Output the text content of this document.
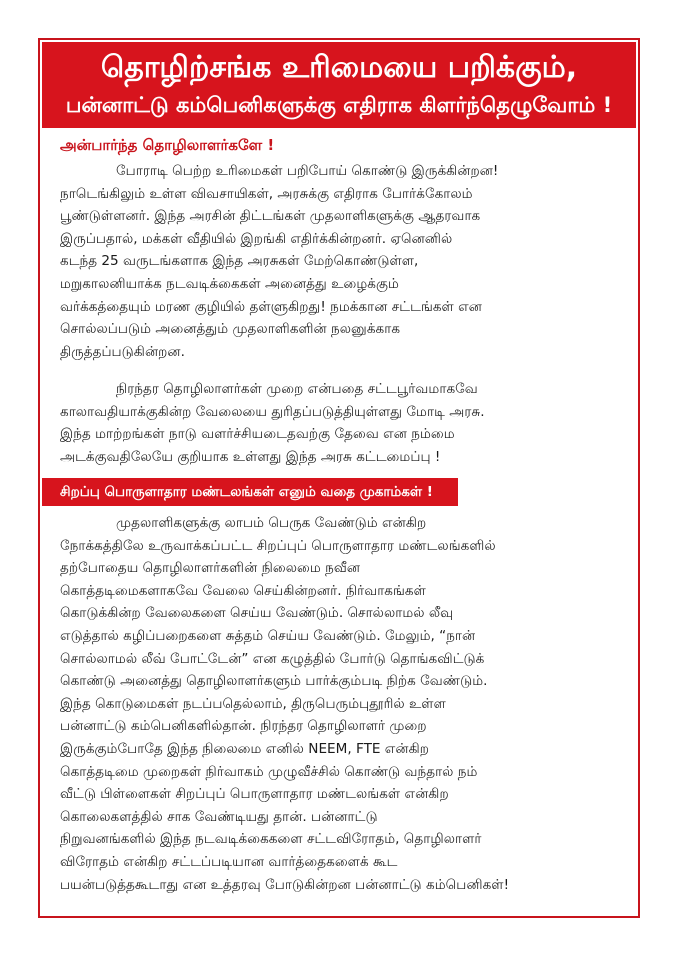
தொழிற்சங்க உரிமையை பறிக்கும்,
பன்னாட்டு கம்பெனிகளுக்கு எதிராக கிளர்ந்தெழுவோம் !
அன்பார்ந்த தொழிலாளர்களே !
போராடி பெற்ற உரிமைகள் பறிபோய் கொண்டு இருக்கின்றன!
நாடெங்கிலும் உள்ள விவசாயிகள், அரசுக்கு எதிராக போர்க்கோலம்
பூண்டுள்ளனர். இந்த அரசின் திட்டங்கள் முதலாளிகளுக்கு ஆதரவாக
இருப்பதால், மக்கள் வீதியில் இறங்கி எதிர்க்கின்றனர். ஏனெனில்
கடந்த 25 வருடங்களாக இந்த அரசுகள் மேற்கொண்டுள்ள,
மறுகாலனியாக்க நடவடிக்கைகள் அனைத்து உழைக்கும்
வர்க்கத்தையும் மரண குழியில் தள்ளுகிறது! நமக்கான சட்டங்கள் என
சொல்லப்படும் அனைத்தும் முதலாளிகளின் நலனுக்காக
திருத்தப்படுகின்றன.
நிரந்தர தொழிலாளர்கள் முறை என்பதை சட்டபூர்வமாகவே
காலாவதியாக்குகின்ற வேலையை துரிதப்படுத்தியுள்ளது மோடி அரசு.
இந்த மாற்றங்கள் நாடு வளர்ச்சியடைதவற்கு தேவை என நம்மை
அடக்குவதிலேயே குறியாக உள்ளது இந்த அரசு கட்டமைப்பு !
சிறப்பு பொருளாதார மண்டலங்கள் எனும் வதை முகாம்கள் !
முதலாளிகளுக்கு லாபம் பெருக வேண்டும் என்கிற
நோக்கத்திலே உருவாக்கப்பட்ட சிறப்புப் பொருளாதார மண்டலங்களில்
தற்போதைய தொழிலாளர்களின் நிலைமை நவீன
கொத்தடிமைகளாகவே வேலை செய்கின்றனர். நிர்வாகங்கள்
கொடுக்கின்ற வேலைகளை செய்ய வேண்டும். சொல்லாமல் லீவு
எடுத்தால் கழிப்பறைகளை சுத்தம் செய்ய வேண்டும். மேலும், “நான்
சொல்லாமல் லீவ் போட்டேன்” என கழுத்தில் போர்டு தொங்கவிட்டுக்
கொண்டு அனைத்து தொழிலாளர்களும் பார்க்கும்படி நிற்க வேண்டும்.
இந்த கொடுமைகள் நடப்பதெல்லாம், திருபெரும்புதூரில் உள்ள
பன்னாட்டு கம்பெனிகளில்தான். நிரந்தர தொழிலாளர் முறை
இருக்கும்போதே இந்த நிலைமை எனில் NEEM, FTE என்கிற
கொத்தடிமை முறைகள் நிர்வாகம் முழுவீச்சில் கொண்டு வந்தால் நம்
வீட்டு பிள்ளைகள் சிறப்புப் பொருளாதார மண்டலங்கள் என்கிற
கொலைகளத்தில் சாக வேண்டியது தான். பன்னாட்டு
நிறுவனங்களில் இந்த நடவடிக்கைகளை சட்டவிரோதம், தொழிலாளர்
விரோதம் என்கிற சட்டப்படியான வார்த்தைகளைக் கூட
பயன்படுத்தகூடாது என உத்தரவு போடுகின்றன பன்னாட்டு கம்பெனிகள்!
